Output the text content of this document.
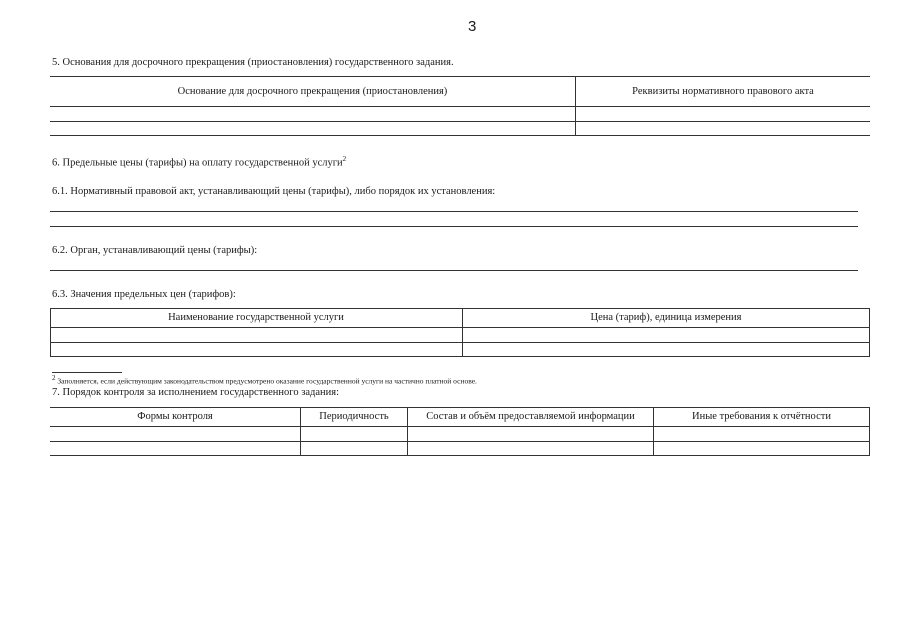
3
5. Основания для досрочного прекращения (приостановления) государственного задания.
Основание для досрочного прекращения (приостановления)	Реквизиты нормативного правового акта
6. Предельные цены (тарифы) на оплату государственной услуги$^2$
6.1. Нормативный правовой акт, устанавливающий цены (тарифы), либо порядок их установления:
6.2. Орган, устанавливающий цены (тарифы):
6.3. Значения предельных цен (тарифов):
Наименование государственной услуги	Цена (тариф), единица измерения
$^2$ Заполняется, если действующим законодательством предусмотрено оказание государственной услуги на частично платной основе.
7. Порядок контроля за исполнением государственного задания:
Формы контроля	Периодичность	Состав и объём предоставляемой информации	Иные требования к отчётности
